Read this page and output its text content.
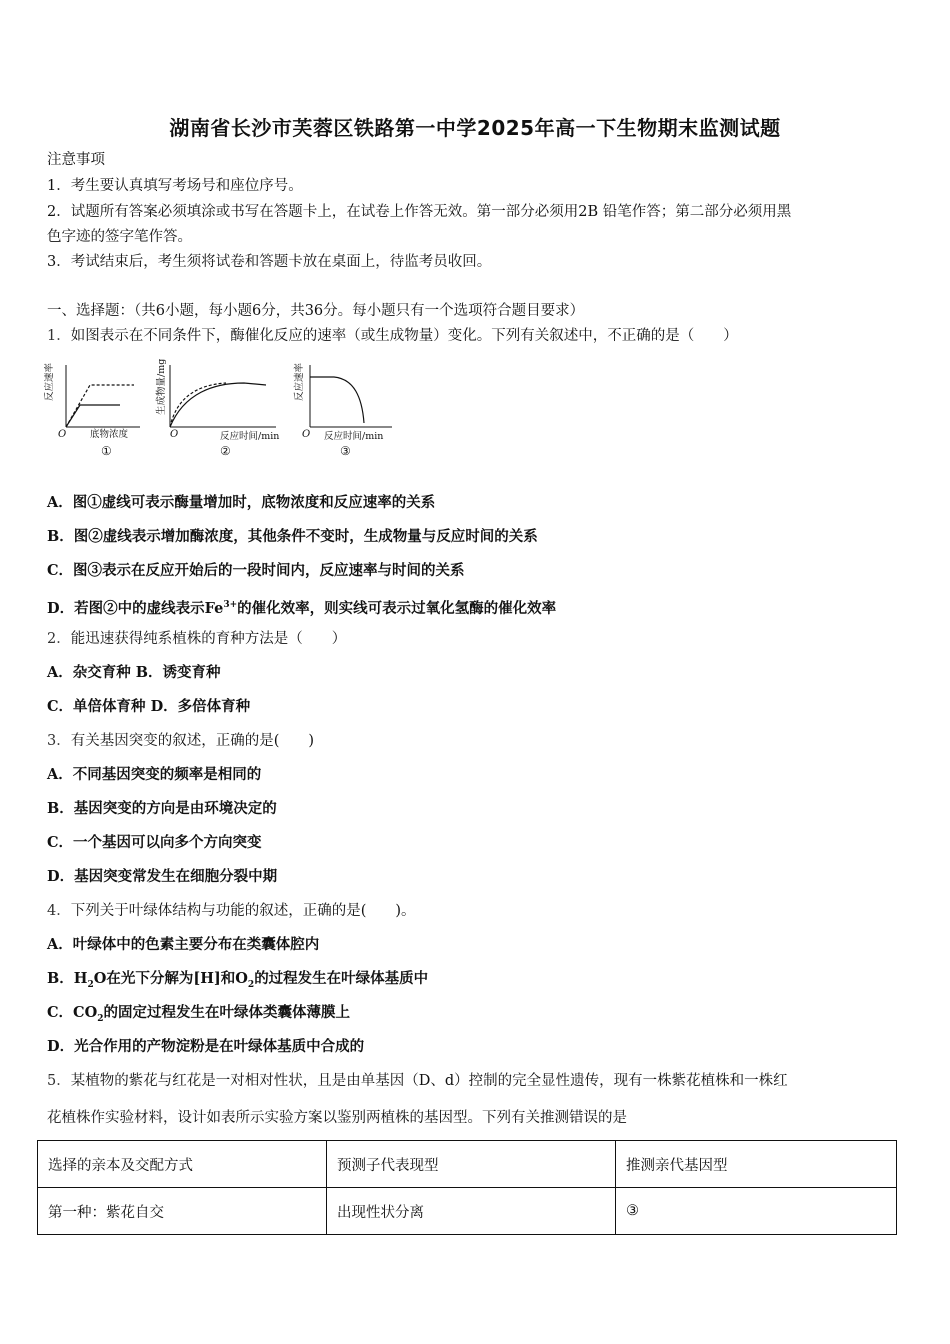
湖南省长沙市芙蓉区铁路第一中学2025年高一下生物期末监测试题
注意事项
1．考生要认真填写考场号和座位序号。
2．试题所有答案必须填涂或书写在答题卡上，在试卷上作答无效。第一部分必须用2B 铅笔作答；第二部分必须用黑
色字迹的签字笔作答。
3．考试结束后，考生须将试卷和答题卡放在桌面上，待监考员收回。
一、选择题：（共6小题，每小题6分，共36分。每小题只有一个选项符合题目要求）
1．如图表示在不同条件下，酶催化反应的速率（或生成物量）变化。下列有关叙述中，不正确的是（　　）
反应速率
O	底物浓度
①
生成物量/mg
O	反应时间/min
②
反应速率
O 反应时间/min
③
A．图①虚线可表示酶量增加时，底物浓度和反应速率的关系
B．图②虚线表示增加酶浓度，其他条件不变时，生成物量与反应时间的关系
C．图③表示在反应开始后的一段时间内，反应速率与时间的关系
D．若图②中的虚线表示$Fe^{3+}$的催化效率，则实线可表示过氧化氢酶的催化效率
2．能迅速获得纯系植株的育种方法是（　　）
A．杂交育种 B．诱变育种
C．单倍体育种 D．多倍体育种
3．有关基因突变的叙述，正确的是(　　)
A．不同基因突变的频率是相同的
B．基因突变的方向是由环境决定的
C．一个基因可以向多个方向突变
D．基因突变常发生在细胞分裂中期
4．下列关于叶绿体结构与功能的叙述，正确的是(　　)。
A．叶绿体中的色素主要分布在类囊体腔内
B．$H_2O$在光下分解为[H]和$O_2$的过程发生在叶绿体基质中
C．$CO_2$的固定过程发生在叶绿体类囊体薄膜上
D．光合作用的产物淀粉是在叶绿体基质中合成的
5．某植物的紫花与红花是一对相对性状，且是由单基因（D、d）控制的完全显性遗传，现有一株紫花植株和一株红
花植株作实验材料，设计如表所示实验方案以鉴别两植株的基因型。下列有关推测错误的是
选择的亲本及交配方式	预测子代表现型	推测亲代基因型
第一种：紫花自交	出现性状分离	③
